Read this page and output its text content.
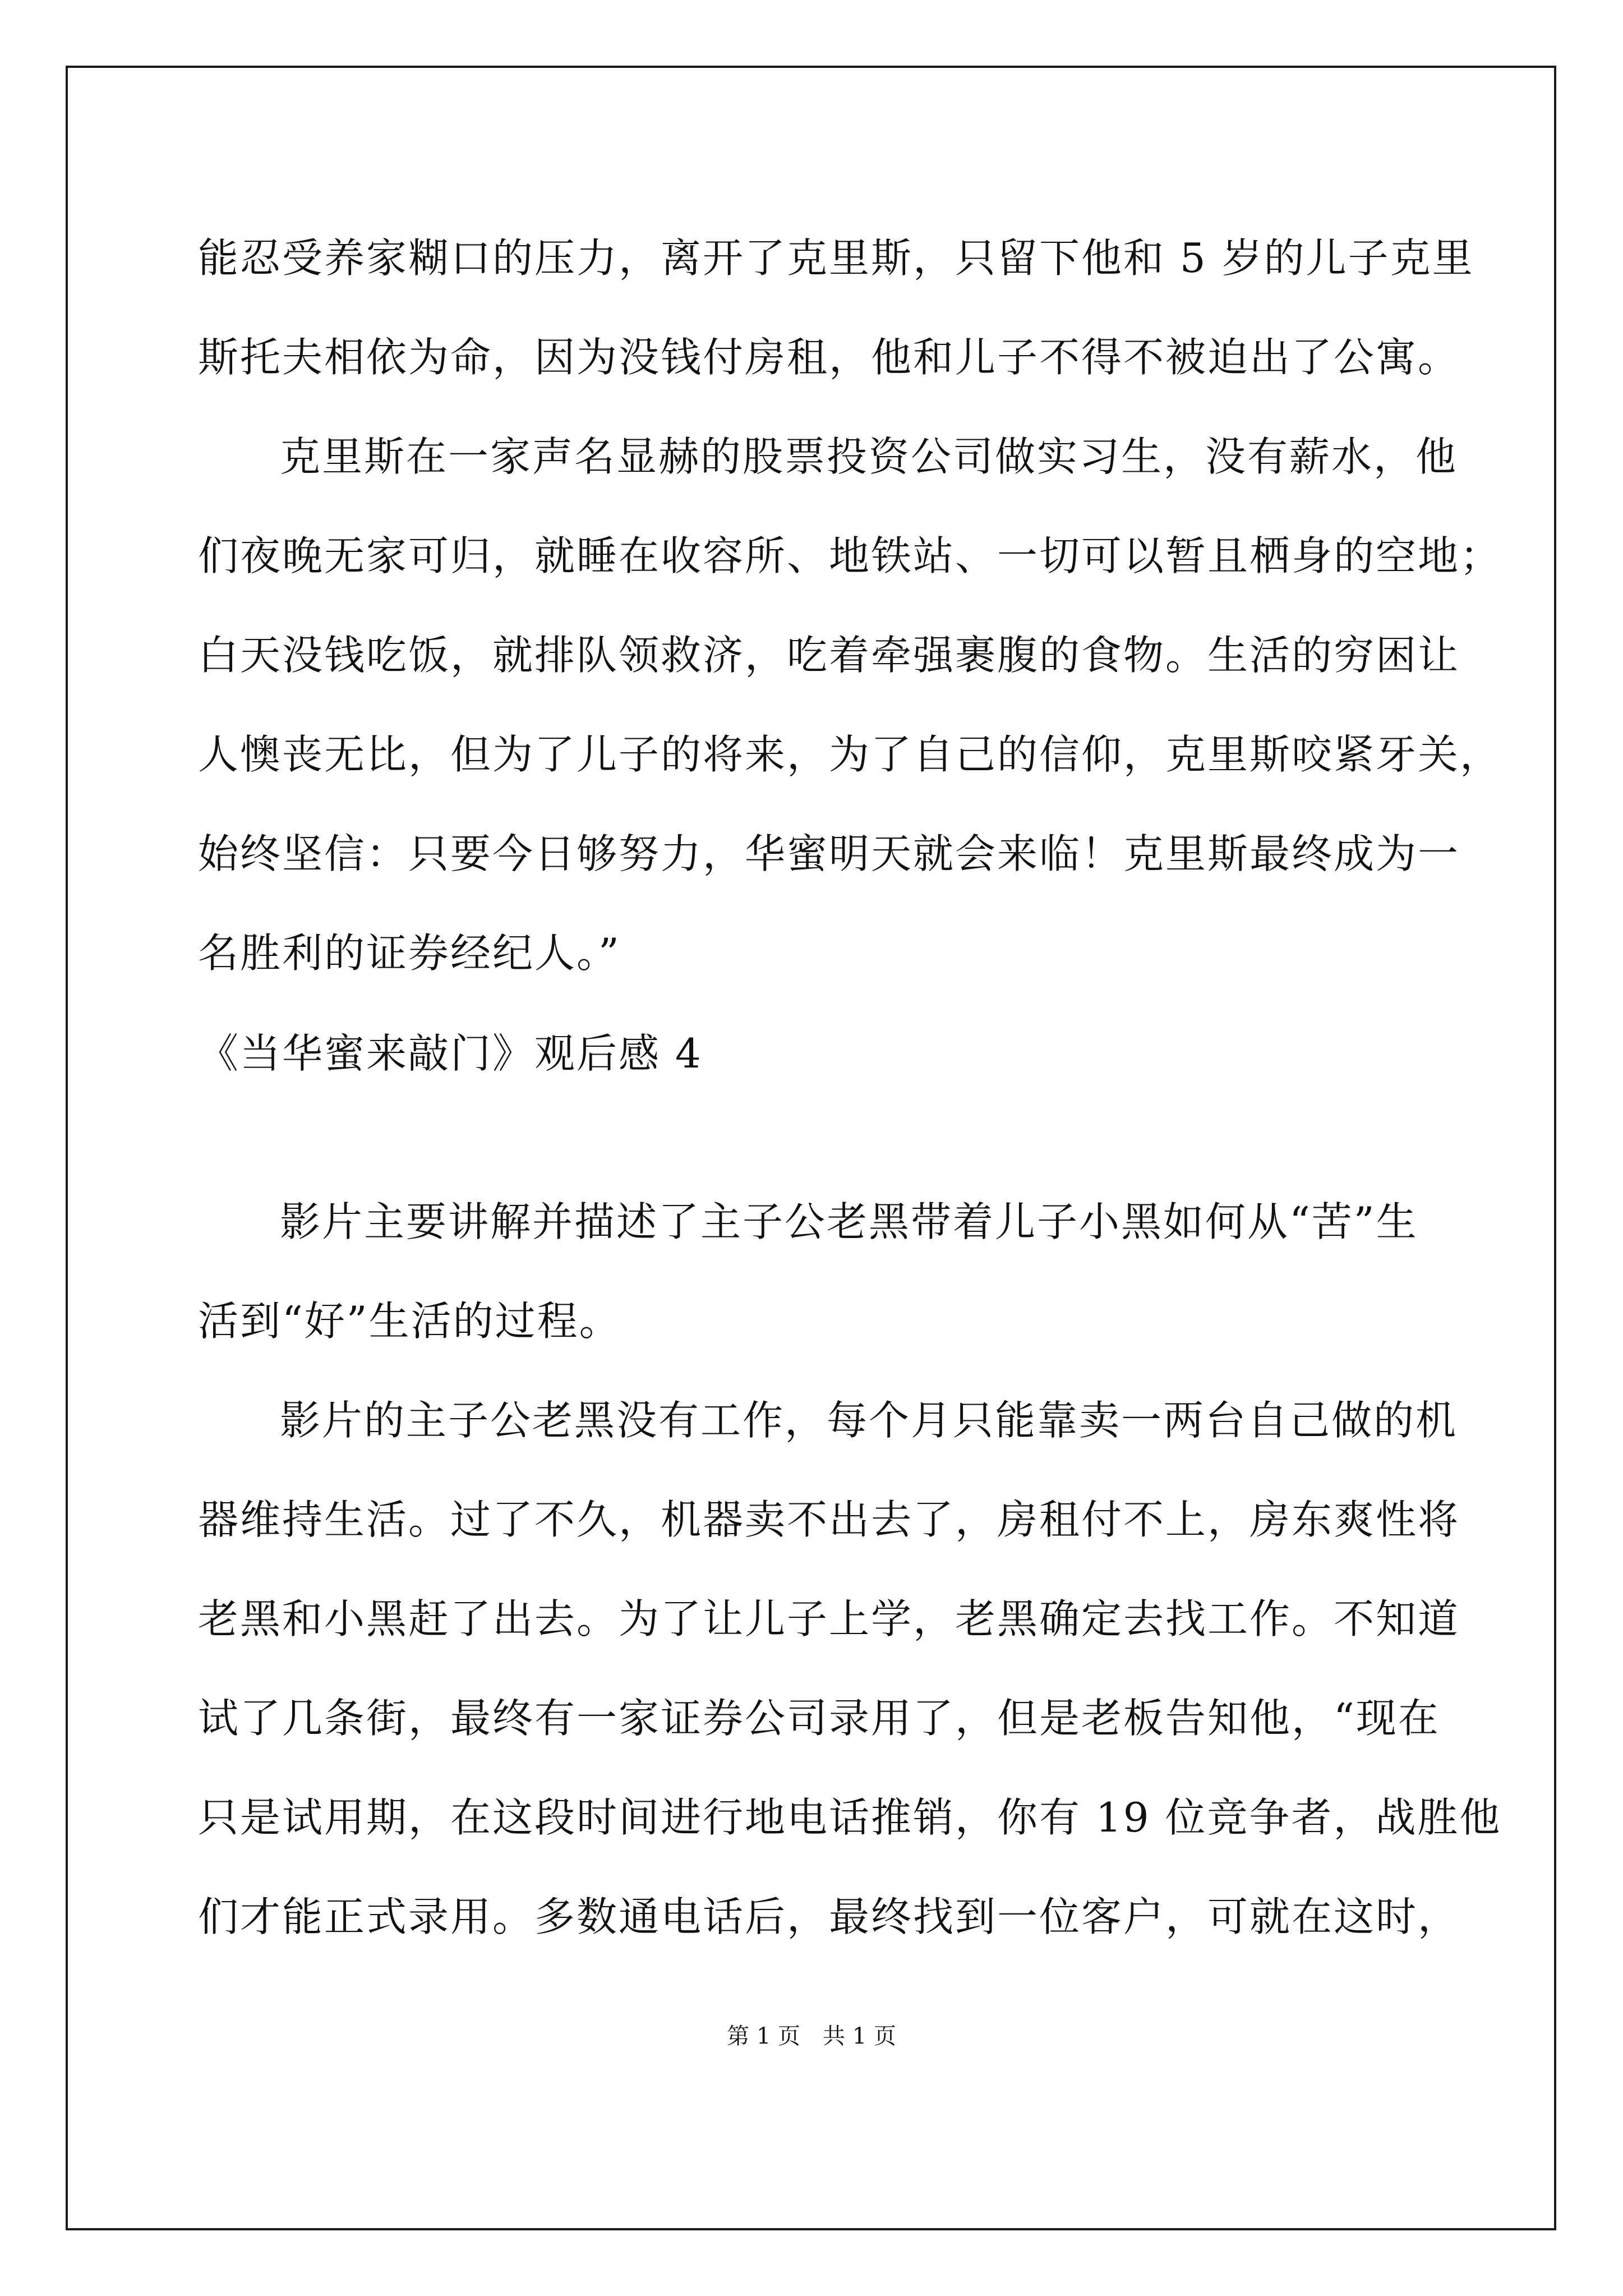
能忍受养家糊口的压力，离开了克里斯，只留下他和 5 岁的儿子克里
斯托夫相依为命，因为没钱付房租，他和儿子不得不被迫出了公寓。
克里斯在一家声名显赫的股票投资公司做实习生，没有薪水，他
们夜晚无家可归，就睡在收容所、地铁站、一切可以暂且栖身的空地；
白天没钱吃饭，就排队领救济，吃着牵强裹腹的食物。生活的穷困让
人懊丧无比，但为了儿子的将来，为了自己的信仰，克里斯咬紧牙关，
始终坚信：只要今日够努力，华蜜明天就会来临！克里斯最终成为一
名胜利的证券经纪人。”
《当华蜜来敲门》观后感 4
影片主要讲解并描述了主子公老黑带着儿子小黑如何从“苦”生
活到“好”生活的过程。
影片的主子公老黑没有工作，每个月只能靠卖一两台自己做的机
器维持生活。过了不久，机器卖不出去了，房租付不上，房东爽性将
老黑和小黑赶了出去。为了让儿子上学，老黑确定去找工作。不知道
试了几条街，最终有一家证券公司录用了，但是老板告知他，“现在
只是试用期，在这段时间进行地电话推销，你有 19 位竞争者，战胜他
们才能正式录用。多数通电话后，最终找到一位客户，可就在这时，
第 1 页　共 1 页
